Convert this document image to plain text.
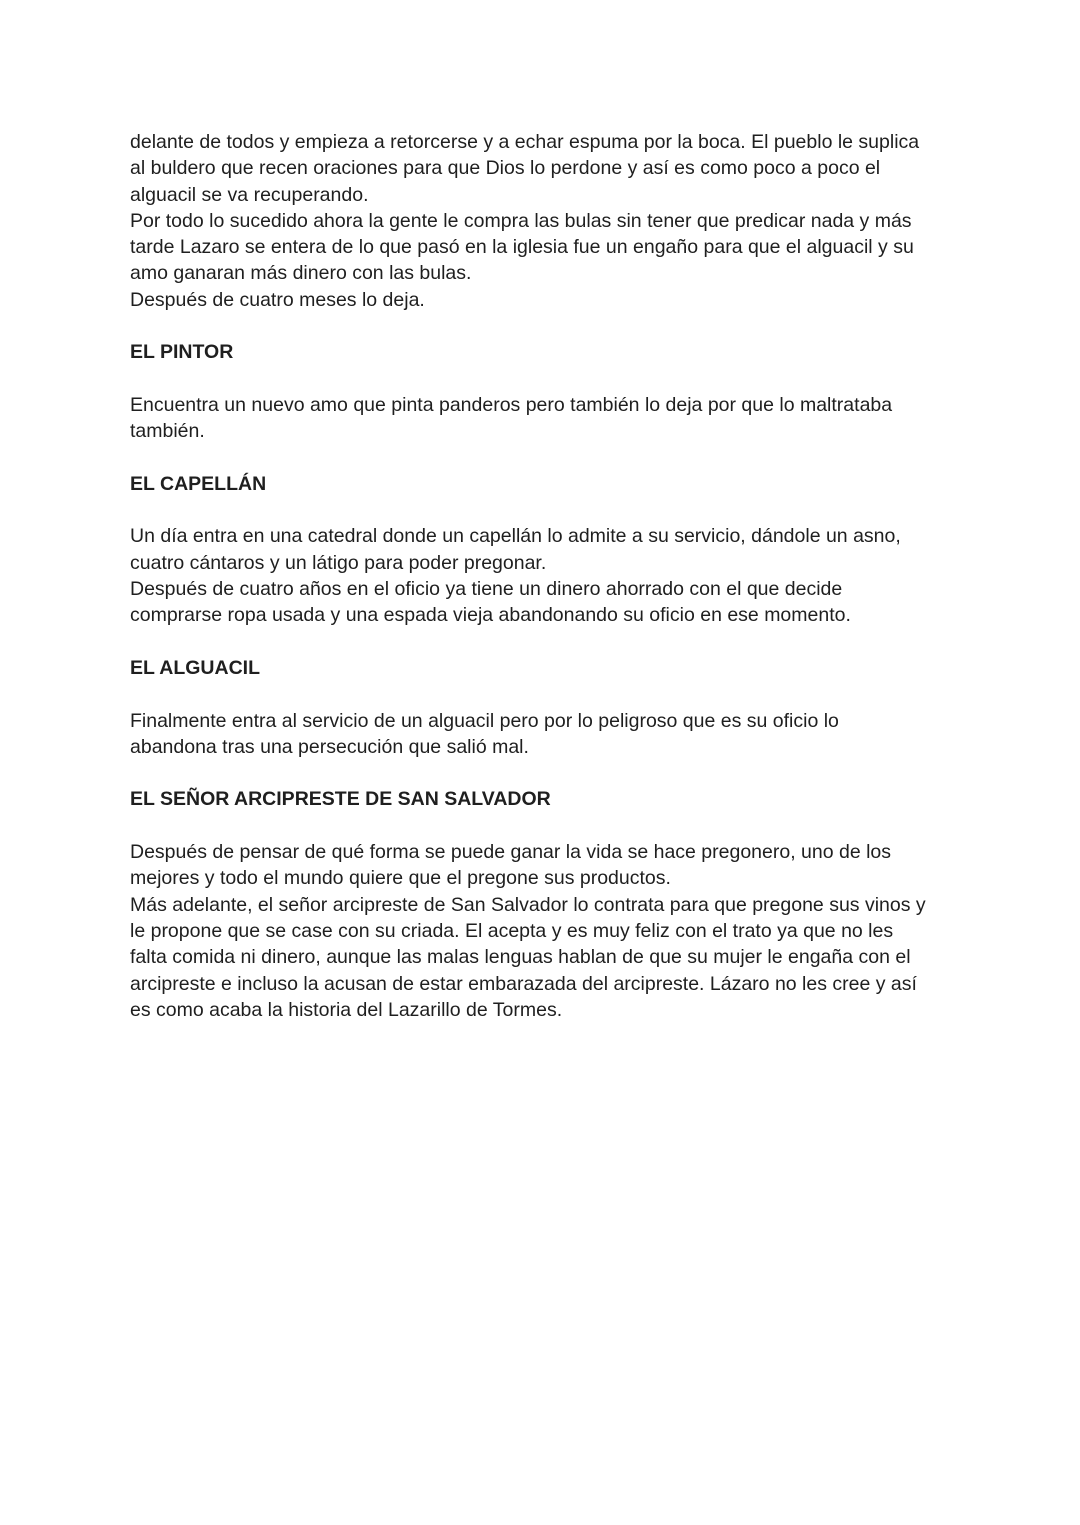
delante de todos y empieza a retorcerse y a echar espuma por la boca. El pueblo le suplica
al buldero que recen oraciones para que Dios lo perdone y así es como poco a poco el
alguacil se va recuperando.

Por todo lo sucedido ahora la gente le compra las bulas sin tener que predicar nada y más
tarde Lazaro se entera de lo que pasó en la iglesia fue un engaño para que el alguacil y su
amo ganaran más dinero con las bulas.

Después de cuatro meses lo deja.

EL PINTOR

Encuentra un nuevo amo que pinta panderos pero también lo deja por que lo maltrataba
también.

EL CAPELLÁN

Un día entra en una catedral donde un capellán lo admite a su servicio, dándole un asno,
cuatro cántaros y un látigo para poder pregonar.

Después de cuatro años en el oficio ya tiene un dinero ahorrado con el que decide
comprarse ropa usada y una espada vieja abandonando su oficio en ese momento.

EL ALGUACIL

Finalmente entra al servicio de un alguacil pero por lo peligroso que es su oficio lo
abandona tras una persecución que salió mal.

EL SEÑOR ARCIPRESTE DE SAN SALVADOR

Después de pensar de qué forma se puede ganar la vida se hace pregonero, uno de los
mejores y todo el mundo quiere que el pregone sus productos.

Más adelante, el señor arcipreste de San Salvador lo contrata para que pregone sus vinos y
le propone que se case con su criada. El acepta y es muy feliz con el trato ya que no les
falta comida ni dinero, aunque las malas lenguas hablan de que su mujer le engaña con el
arcipreste e incluso la acusan de estar embarazada del arcipreste. Lázaro no les cree y así
es como acaba la historia del Lazarillo de Tormes.
